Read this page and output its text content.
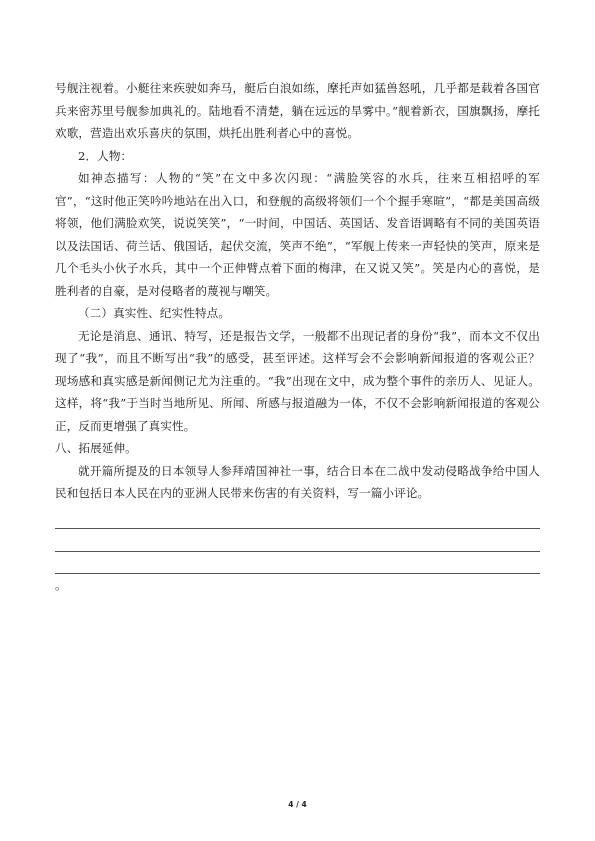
号舰注视着。小艇往来疾驶如奔马，艇后白浪如练，摩托声如猛兽怒吼，几乎都是载着各国官兵来密苏里号舰参加典礼的。陆地看不清楚，躺在远远的旱雾中。”舰着新衣，国旗飘扬，摩托欢歌，营造出欢乐喜庆的氛围，烘托出胜利者心中的喜悦。

2．人物：

如神态描写：人物的“笑”在文中多次闪现：“满脸笑容的水兵，往来互相招呼的军官”，“这时他正笑吟吟地站在出入口，和登舰的高级将领们一个个握手寒暄”，“都是美国高级将领，他们满脸欢笑，说说笑笑”，“一时间，中国话、英国话、发音语调略有不同的美国英语以及法国话、荷兰话、俄国话，起伏交流，笑声不绝”，“军舰上传来一声轻快的笑声，原来是几个毛头小伙子水兵，其中一个正伸臂点着下面的梅津，在又说又笑”。笑是内心的喜悦，是胜利者的自豪，是对侵略者的蔑视与嘲笑。

（二）真实性、纪实性特点。

无论是消息、通讯、特写，还是报告文学，一般都不出现记者的身份“我”，而本文不仅出现了“我”，而且不断写出“我”的感受，甚至评述。这样写会不会影响新闻报道的客观公正？　现场感和真实感是新闻侧记尤为注重的。“我”出现在文中，成为整个事件的亲历人、见证人。这样，将“我”于当时当地所见、所闻、所感与报道融为一体，不仅不会影响新闻报道的客观公正，反而更增强了真实性。

八、拓展延伸。

就开篇所提及的日本领导人参拜靖国神社一事，结合日本在二战中发动侵略战争给中国人民和包括日本人民在内的亚洲人民带来伤害的有关资料，写一篇小评论。

。

4 / 4
